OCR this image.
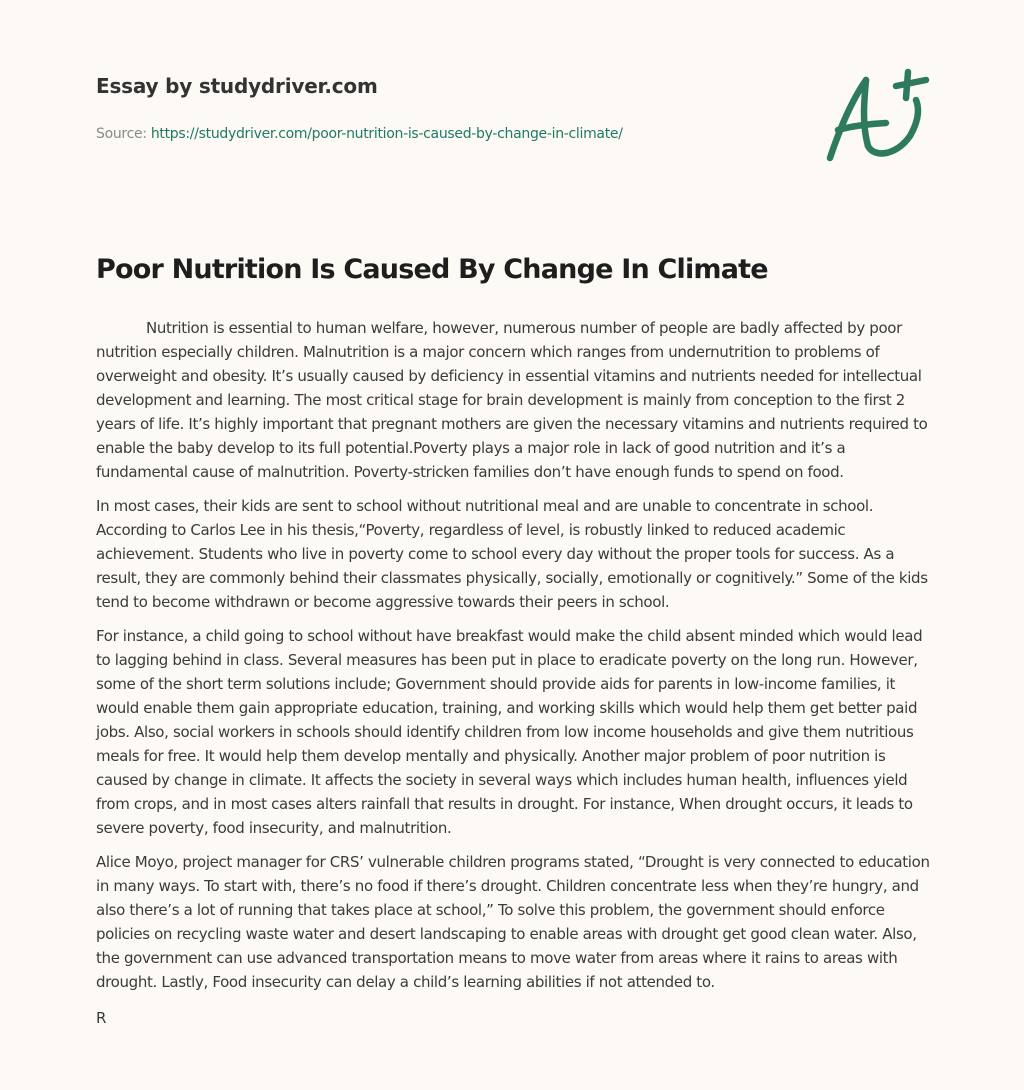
Essay by studydriver.com
Source: https://studydriver.com/poor-nutrition-is-caused-by-change-in-climate/
Poor Nutrition Is Caused By Change In Climate

Nutrition is essential to human welfare, however, numerous number of people are badly affected by poor nutrition especially children. Malnutrition is a major concern which ranges from undernutrition to problems of overweight and obesity. It’s usually caused by deficiency in essential vitamins and nutrients needed for intellectual development and learning. The most critical stage for brain development is mainly from conception to the first 2 years of life. It’s highly important that pregnant mothers are given the necessary vitamins and nutrients required to enable the baby develop to its full potential.Poverty plays a major role in lack of good nutrition and it’s a fundamental cause of malnutrition. Poverty-stricken families don’t have enough funds to spend on food.

In most cases, their kids are sent to school without nutritional meal and are unable to concentrate in school. According to Carlos Lee in his thesis,“Poverty, regardless of level, is robustly linked to reduced academic achievement. Students who live in poverty come to school every day without the proper tools for success. As a result, they are commonly behind their classmates physically, socially, emotionally or cognitively.” Some of the kids tend to become withdrawn or become aggressive towards their peers in school.

For instance, a child going to school without have breakfast would make the child absent minded which would lead to lagging behind in class. Several measures has been put in place to eradicate poverty on the long run. However, some of the short term solutions include; Government should provide aids for parents in low-income families, it would enable them gain appropriate education, training, and working skills which would help them get better paid jobs. Also, social workers in schools should identify children from low income households and give them nutritious meals for free. It would help them develop mentally and physically. Another major problem of poor nutrition is caused by change in climate. It affects the society in several ways which includes human health, influences yield from crops, and in most cases alters rainfall that results in drought. For instance, When drought occurs, it leads to severe poverty, food insecurity, and malnutrition.

Alice Moyo, project manager for CRS’ vulnerable children programs stated, “Drought is very connected to education in many ways. To start with, there’s no food if there’s drought. Children concentrate less when they’re hungry, and also there’s a lot of running that takes place at school,” To solve this problem, the government should enforce policies on recycling waste water and desert landscaping to enable areas with drought get good clean water. Also, the government can use advanced transportation means to move water from areas where it rains to areas with drought. Lastly, Food insecurity can delay a child’s learning abilities if not attended to.

R
